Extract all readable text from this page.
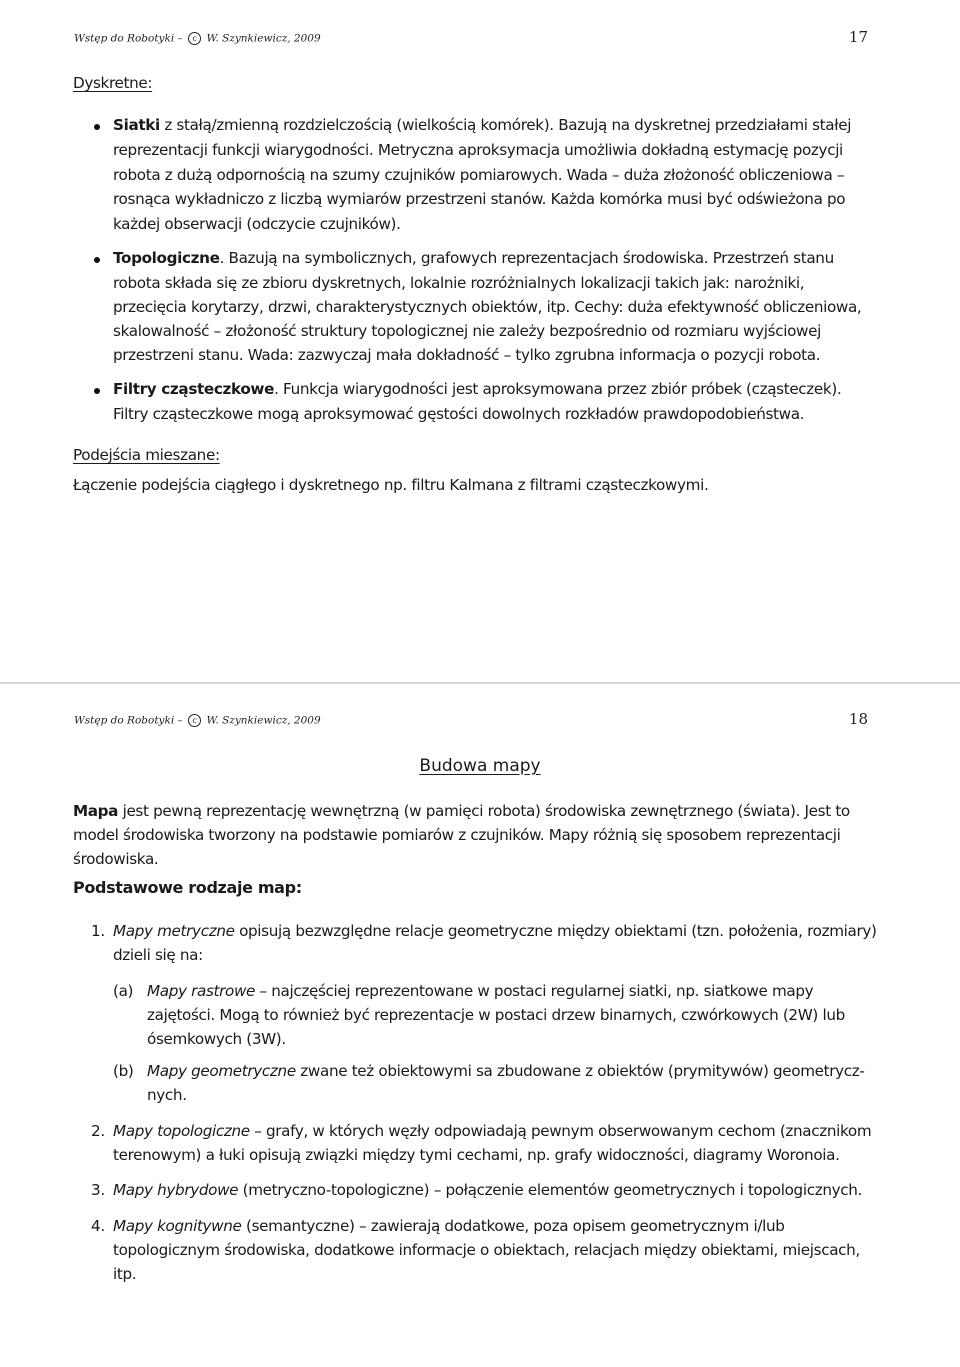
Wstęp do Robotyki – c W. Szynkiewicz, 2009	17
Dyskretne:
Siatki z stałą/zmienną rozdzielczością (wielkością komórek). Bazują na dyskretnej przedziałami stałej
reprezentacji funkcji wiarygodności. Metryczna aproksymacja umożliwia dokładną estymację pozycji
robota z dużą odpornością na szumy czujników pomiarowych. Wada – duża złożoność obliczeniowa –
rosnąca wykładniczo z liczbą wymiarów przestrzeni stanów. Każda komórka musi być odświeżona po
każdej obserwacji (odczycie czujników).
Topologiczne. Bazują na symbolicznych, grafowych reprezentacjach środowiska. Przestrzeń stanu
robota składa się ze zbioru dyskretnych, lokalnie rozróżnialnych lokalizacji takich jak: narożniki,
przecięcia korytarzy, drzwi, charakterystycznych obiektów, itp. Cechy: duża efektywność obliczeniowa,
skalowalność – złożoność struktury topologicznej nie zależy bezpośrednio od rozmiaru wyjściowej
przestrzeni stanu. Wada: zazwyczaj mała dokładność – tylko zgrubna informacja o pozycji robota.
Filtry cząsteczkowe. Funkcja wiarygodności jest aproksymowana przez zbiór próbek (cząsteczek).
Filtry cząsteczkowe mogą aproksymować gęstości dowolnych rozkładów prawdopodobieństwa.
Podejścia mieszane:
Łączenie podejścia ciągłego i dyskretnego np. filtru Kalmana z filtrami cząsteczkowymi.
Wstęp do Robotyki – c W. Szynkiewicz, 2009	18
Budowa mapy
Mapa jest pewną reprezentację wewnętrzną (w pamięci robota) środowiska zewnętrznego (świata). Jest to
model środowiska tworzony na podstawie pomiarów z czujników. Mapy różnią się sposobem reprezentacji
środowiska.
Podstawowe rodzaje map:
1. Mapy metryczne opisują bezwzględne relacje geometryczne między obiektami (tzn. położenia, rozmiary)
dzieli się na:
(a) Mapy rastrowe – najczęściej reprezentowane w postaci regularnej siatki, np. siatkowe mapy
zajętości. Mogą to również być reprezentacje w postaci drzew binarnych, czwórkowych (2W) lub
ósemkowych (3W).
(b) Mapy geometryczne zwane też obiektowymi sa zbudowane z obiektów (prymitywów) geometrycz-
nych.
2. Mapy topologiczne – grafy, w których węzły odpowiadają pewnym obserwowanym cechom (znacznikom
terenowym) a łuki opisują związki między tymi cechami, np. grafy widoczności, diagramy Woronoia.
3. Mapy hybrydowe (metryczno-topologiczne) – połączenie elementów geometrycznych i topologicznych.
4. Mapy kognitywne (semantyczne) – zawierają dodatkowe, poza opisem geometrycznym i/lub
topologicznym środowiska, dodatkowe informacje o obiektach, relacjach między obiektami, miejscach,
itp.
